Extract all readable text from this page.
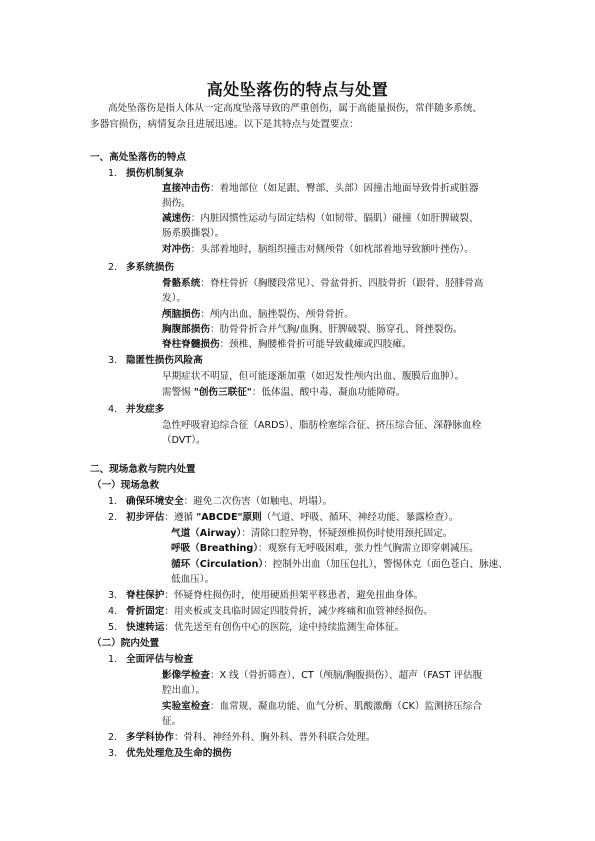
高处坠落伤的特点与处置

高处坠落伤是指人体从一定高度坠落导致的严重创伤，属于高能量损伤，常伴随多系统、

多器官损伤，病情复杂且进展迅速。以下是其特点与处置要点：
一、高处坠落伤的特点
1. 损伤机制复杂
直接冲击伤：着地部位（如足跟、臀部、头部）因撞击地面导致骨折或脏器
损伤。
减速伤：内脏因惯性运动与固定结构（如韧带、膈肌）碰撞（如肝脾破裂、
肠系膜撕裂）。
对冲伤：头部着地时，脑组织撞击对侧颅骨（如枕部着地导致额叶挫伤）。
2. 多系统损伤
骨骼系统：脊柱骨折（胸腰段常见）、骨盆骨折、四肢骨折（跟骨、胫腓骨高
发）。
颅脑损伤：颅内出血、脑挫裂伤、颅骨骨折。
胸腹部损伤：肋骨骨折合并气胸/血胸、肝脾破裂、肠穿孔、肾挫裂伤。
脊柱脊髓损伤：颈椎、胸腰椎骨折可能导致截瘫或四肢瘫。
3. 隐匿性损伤风险高
早期症状不明显，但可能逐渐加重（如迟发性颅内出血、腹膜后血肿）。
需警惕 "创伤三联征"：低体温、酸中毒、凝血功能障碍。
4. 并发症多
急性呼吸窘迫综合征（ARDS）、脂肪栓塞综合征、挤压综合征、深静脉血栓
（DVT）。
二、现场急救与院内处置
（一）现场急救
1. 确保环境安全：避免二次伤害（如触电、坍塌）。
2. 初步评估：遵循 "ABCDE"原则（气道、呼吸、循环、神经功能、暴露检查）。
气道（Airway）：清除口腔异物，怀疑颈椎损伤时使用颈托固定。
呼吸（Breathing）：观察有无呼吸困难，张力性气胸需立即穿刺减压。
循环（Circulation）：控制外出血（加压包扎），警惕休克（面色苍白、脉速、
低血压）。
3. 脊柱保护：怀疑脊柱损伤时，使用硬质担架平移患者，避免扭曲身体。
4. 骨折固定：用夹板或支具临时固定四肢骨折，减少疼痛和血管神经损伤。
5. 快速转运：优先送至有创伤中心的医院，途中持续监测生命体征。
（二）院内处置
1. 全面评估与检查
影像学检查：X 线（骨折筛查）、CT（颅脑/胸腹损伤）、超声（FAST 评估腹
腔出血）。
实验室检查：血常规、凝血功能、血气分析、肌酸激酶（CK）监测挤压综合
征。
2. 多学科协作：骨科、神经外科、胸外科、普外科联合处理。
3. 优先处理危及生命的损伤
